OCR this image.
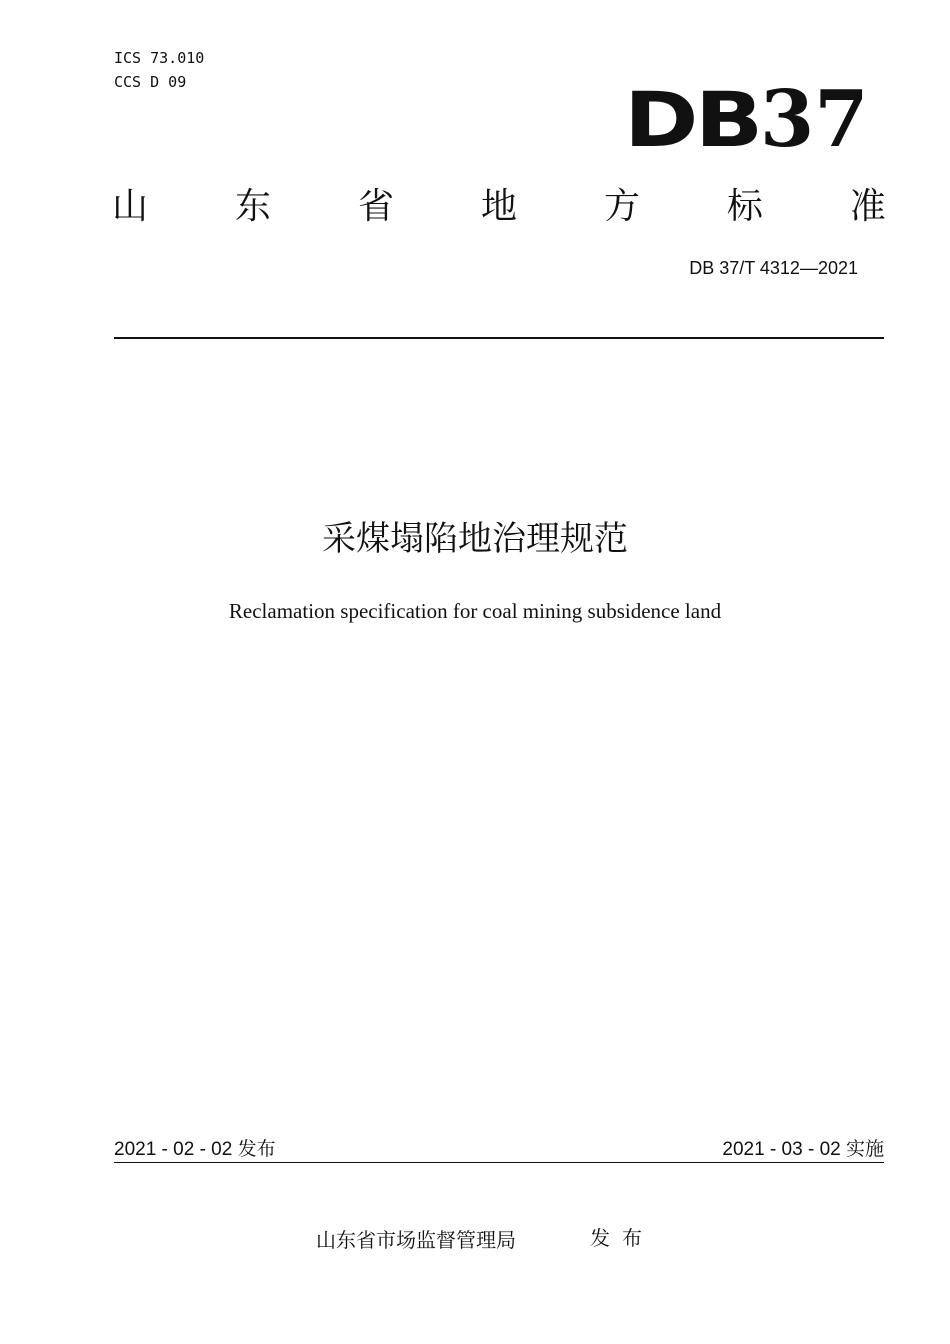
ICS 73.010
CCS D 09	DB 37
山 东 省 地 方 标 准
DB 37/T 4312—2021
采煤塌陷地治理规范
Reclamation specification for coal mining subsidence land
2021 - 02 - 02 发布	2021 - 03 - 02 实施
山东省市场监督管理局	发布
